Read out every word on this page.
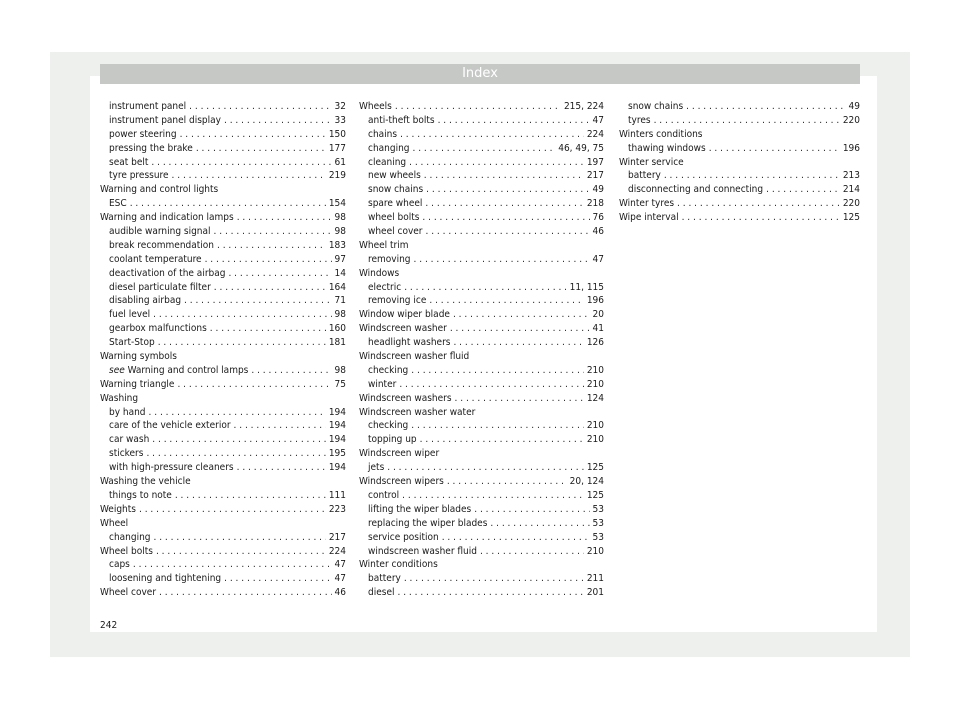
Index
instrument panel . . .	32
instrument panel display . . .	33
power steering . . .	150
pressing the brake . . .	177
seat belt . . .	61
tyre pressure . . .	219
Warning and control lights
ESC . . .	154
Warning and indication lamps . . .	98
audible warning signal . . .	98
break recommendation . . .	183
coolant temperature . . .	97
deactivation of the airbag . . .	14
diesel particulate filter . . .	164
disabling airbag . . .	71
fuel level . . .	98
gearbox malfunctions . . .	160
Start-Stop . . .	181
Warning symbols
see Warning and control lamps . . .	98
Warning triangle . . .	75
Washing
by hand . . .	194
care of the vehicle exterior . . .	194
car wash . . .	194
stickers . . .	195
with high-pressure cleaners . . .	194
Washing the vehicle
things to note . . .	111
Weights . . .	223
Wheel
changing . . .	217
Wheel bolts . . .	224
caps . . .	47
loosening and tightening . . .	47
Wheel cover . . .	46
Wheels . . .	215, 224
anti-theft bolts . . .	47
chains . . .	224
changing . . .	46, 49, 75
cleaning . . .	197
new wheels . . .	217
snow chains . . .	49
spare wheel . . .	218
wheel bolts . . .	76
wheel cover . . .	46
Wheel trim
removing . . .	47
Windows
electric . . .	11, 115
removing ice . . .	196
Window wiper blade . . .	20
Windscreen washer . . .	41
headlight washers . . .	126
Windscreen washer fluid
checking . . .	210
winter . . .	210
Windscreen washers . . .	124
Windscreen washer water
checking . . .	210
topping up . . .	210
Windscreen wiper
jets . . .	125
Windscreen wipers . . .	20, 124
control . . .	125
lifting the wiper blades . . .	53
replacing the wiper blades . . .	53
service position . . .	53
windscreen washer fluid . . .	210
Winter conditions
battery . . .	211
diesel . . .	201
snow chains . . .	49
tyres . . .	220
Winters conditions
thawing windows . . .	196
Winter service
battery . . .	213
disconnecting and connecting . . .	214
Winter tyres . . .	220
Wipe interval . . .	125
242
